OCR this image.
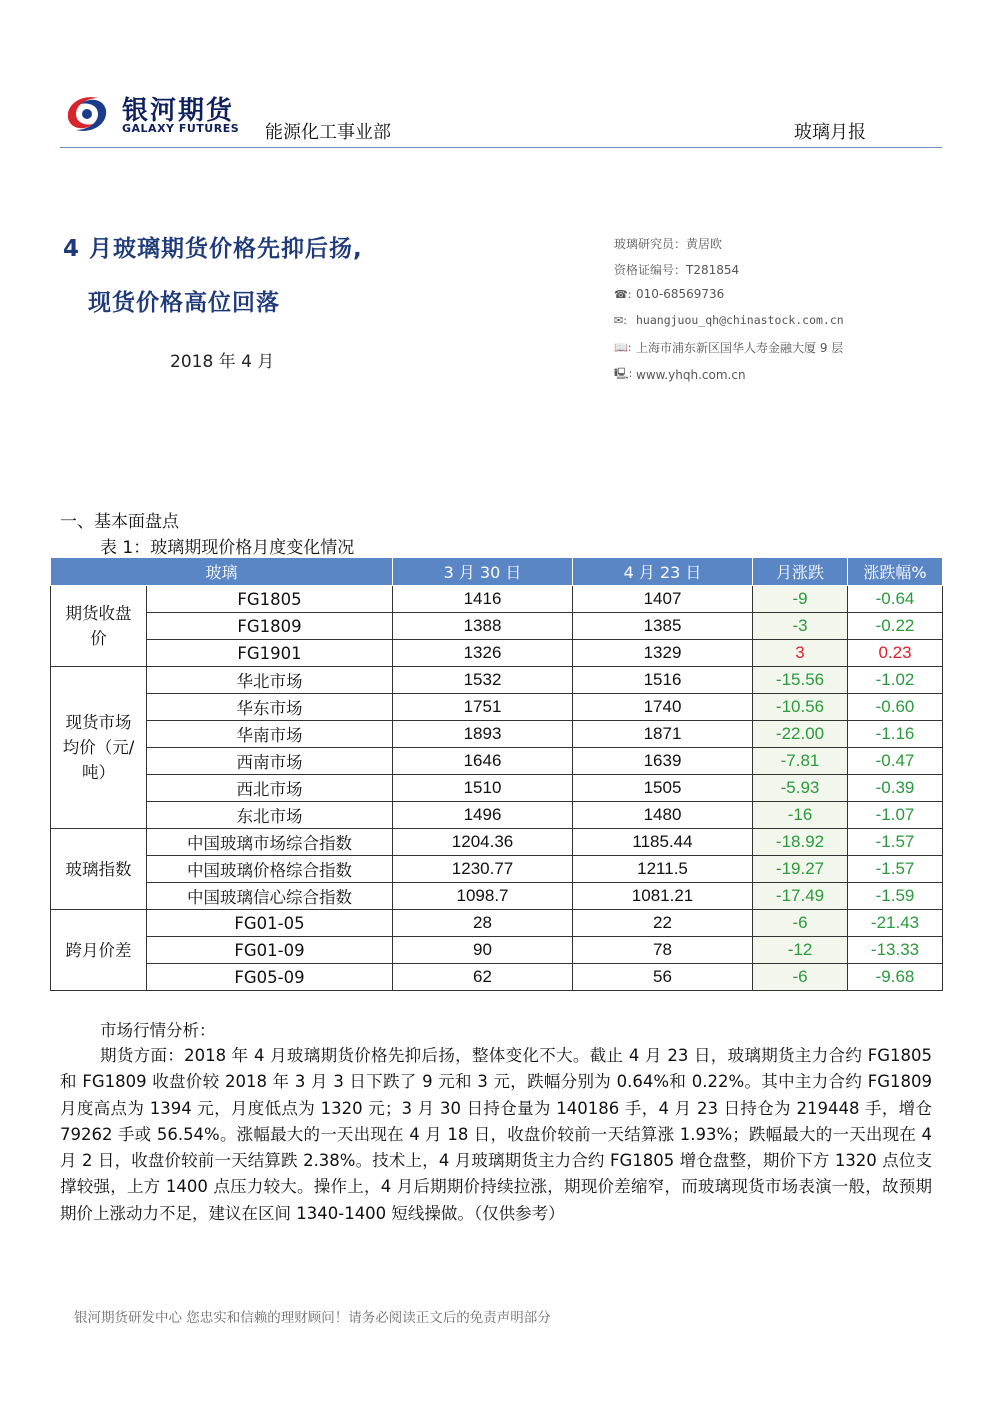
银河期货
GALAXY FUTURES 能源化工事业部	玻璃月报
4 月玻璃期货价格先抑后扬,
现货价格高位回落
2018 年 4 月
玻璃研究员：黄居欧
资格证编号：T281854
☎: 010-68569736
✉: huangjuou_qh@chinastock.com.cn
📖: 上海市浦东新区国华人寿金融大厦 9 层
🖳: www.yhqh.com.cn
一、基本面盘点
表 1：玻璃期现价格月度变化情况
玻璃		3 月 30 日	4 月 23 日	月涨跌	涨跌幅%
期货收盘
价	FG1805	1416	1407	-9	-0.64
	FG1809	1388	1385	-3	-0.22
	FG1901	1326	1329	3	0.23
现货市场
均价（元/
吨）	华北市场	1532	1516	-15.56	-1.02
	华东市场	1751	1740	-10.56	-0.60
	华南市场	1893	1871	-22.00	-1.16
	西南市场	1646	1639	-7.81	-0.47
	西北市场	1510	1505	-5.93	-0.39
	东北市场	1496	1480	-16	-1.07
玻璃指数	中国玻璃市场综合指数	1204.36	1185.44	-18.92	-1.57
	中国玻璃价格综合指数	1230.77	1211.5	-19.27	-1.57
	中国玻璃信心综合指数	1098.7	1081.21	-17.49	-1.59
跨月价差	FG01-05	28	22	-6	-21.43
	FG01-09	90	78	-12	-13.33
	FG05-09	62	56	-6	-9.68
市场行情分析：
期货方面：2018 年 4 月玻璃期货价格先抑后扬，整体变化不大。截止 4 月 23 日，玻璃期货主力合约 FG1805 和 FG1809 收盘价较 2018 年 3 月 3 日下跌了 9 元和 3 元，跌幅分别为 0.64%和 0.22%。其中主力合约 FG1809 月度高点为 1394 元，月度低点为 1320 元；3 月 30 日持仓量为 140186 手，4 月 23 日持仓为 219448 手，增仓 79262 手或 56.54%。涨幅最大的一天出现在 4 月 18 日，收盘价较前一天结算涨 1.93%；跌幅最大的一天出现在 4 月 2 日，收盘价较前一天结算跌 2.38%。技术上，4 月玻璃期货主力合约 FG1805 增仓盘整，期价下方 1320 点位支撑较强，上方 1400 点压力较大。操作上，4 月后期期价持续拉涨，期现价差缩窄，而玻璃现货市场表演一般，故预期期价上涨动力不足，建议在区间 1340-1400 短线操做。（仅供参考）
银河期货研发中心 您忠实和信赖的理财顾问！请务必阅读正文后的免责声明部分
